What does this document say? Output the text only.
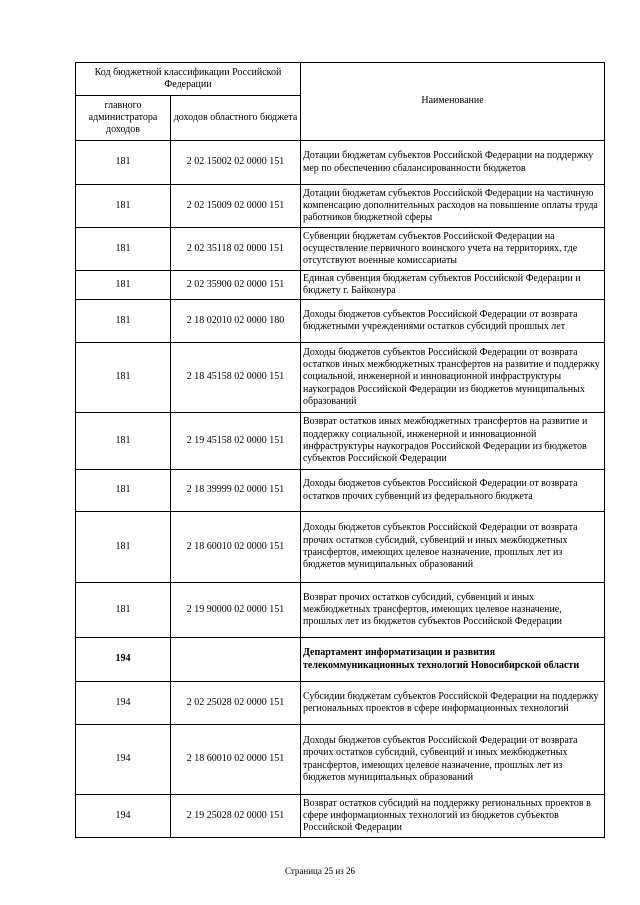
Код бюджетной классификации Российской Федерации		Наименование
главного администратора доходов	доходов областного бюджета	
181	2 02 15002 02 0000 151	Дотации бюджетам субъектов Российской Федерации на поддержку мер по обеспечению сбалансированности бюджетов
181	2 02 15009 02 0000 151	Дотации бюджетам субъектов Российской Федерации на частичную компенсацию дополнительных расходов на повышение оплаты труда работников бюджетной сферы
181	2 02 35118 02 0000 151	Субвенции бюджетам субъектов Российской Федерации на осуществление первичного воинского учета на территориях, где отсутствуют военные комиссариаты
181	2 02 35900 02 0000 151	Единая субвенция бюджетам субъектов Российской Федерации и бюджету г. Байконура
181	2 18 02010 02 0000 180	Доходы бюджетов субъектов Российской Федерации от возврата бюджетными учреждениями остатков субсидий прошлых лет
181	2 18 45158 02 0000 151	Доходы бюджетов субъектов Российской Федерации от возврата остатков иных межбюджетных трансфертов на развитие и поддержку социальной, инженерной и инновационной инфраструктуры наукоградов Российской Федерации из бюджетов муниципальных образований
181	2 19 45158 02 0000 151	Возврат остатков иных межбюджетных трансфертов на развитие и поддержку социальной, инженерной и инновационной инфраструктуры наукоградов Российской Федерации из бюджетов субъектов Российской Федерации
181	2 18 39999 02 0000 151	Доходы бюджетов субъектов Российской Федерации от возврата остатков прочих субвенций из федерального бюджета
181	2 18 60010 02 0000 151	Доходы бюджетов субъектов Российской Федерации от возврата прочих остатков субсидий, субвенций и иных межбюджетных трансфертов, имеющих целевое назначение, прошлых лет из бюджетов муниципальных образований
181	2 19 90000 02 0000 151	Возврат прочих остатков субсидий, субвенций и иных межбюджетных трансфертов, имеющих целевое назначение, прошлых лет из бюджетов субъектов Российской Федерации
194		Департамент информатизации и развития телекоммуникационных технологий Новосибирской области
194	2 02 25028 02 0000 151	Субсидии бюджетам субъектов Российской Федерации на поддержку региональных проектов в сфере информационных технологий
194	2 18 60010 02 0000 151	Доходы бюджетов субъектов Российской Федерации от возврата прочих остатков субсидий, субвенций и иных межбюджетных трансфертов, имеющих целевое назначение, прошлых лет из бюджетов муниципальных образований
194	2 19 25028 02 0000 151	Возврат остатков субсидий на поддержку региональных проектов в сфере информационных технологий из бюджетов субъектов Российской Федерации
Страница 25 из 26
